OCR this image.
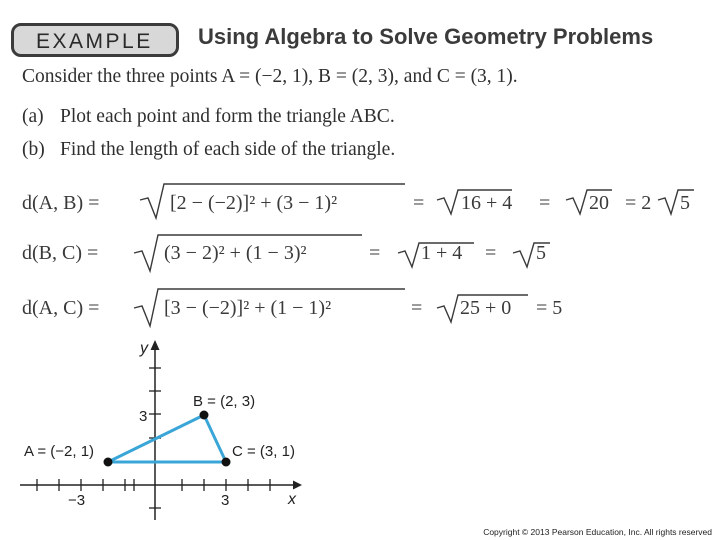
EXAMPLE Using Algebra to Solve Geometry Problems
Consider the three points A = (−2, 1), B = (2, 3), and C = (3, 1).
(a) Plot each point and form the triangle ABC.
(b) Find the length of each side of the triangle.
d(A, B) =	[2 − (−2)]² + (3 − 1)²	= 16 + 4 = 20 = 2 5
d(B, C) =	(3 − 2)² + (1 − 3)²	= 1 + 4 = 5
d(A, C) =	[3 − (−2)]² + (1 − 1)²	= 25 + 0 = 5
y
x
−3	3
3
A = (−2, 1)
B = (2, 3)
C = (3, 1)
Copyright © 2013 Pearson Education, Inc. All rights reserved
